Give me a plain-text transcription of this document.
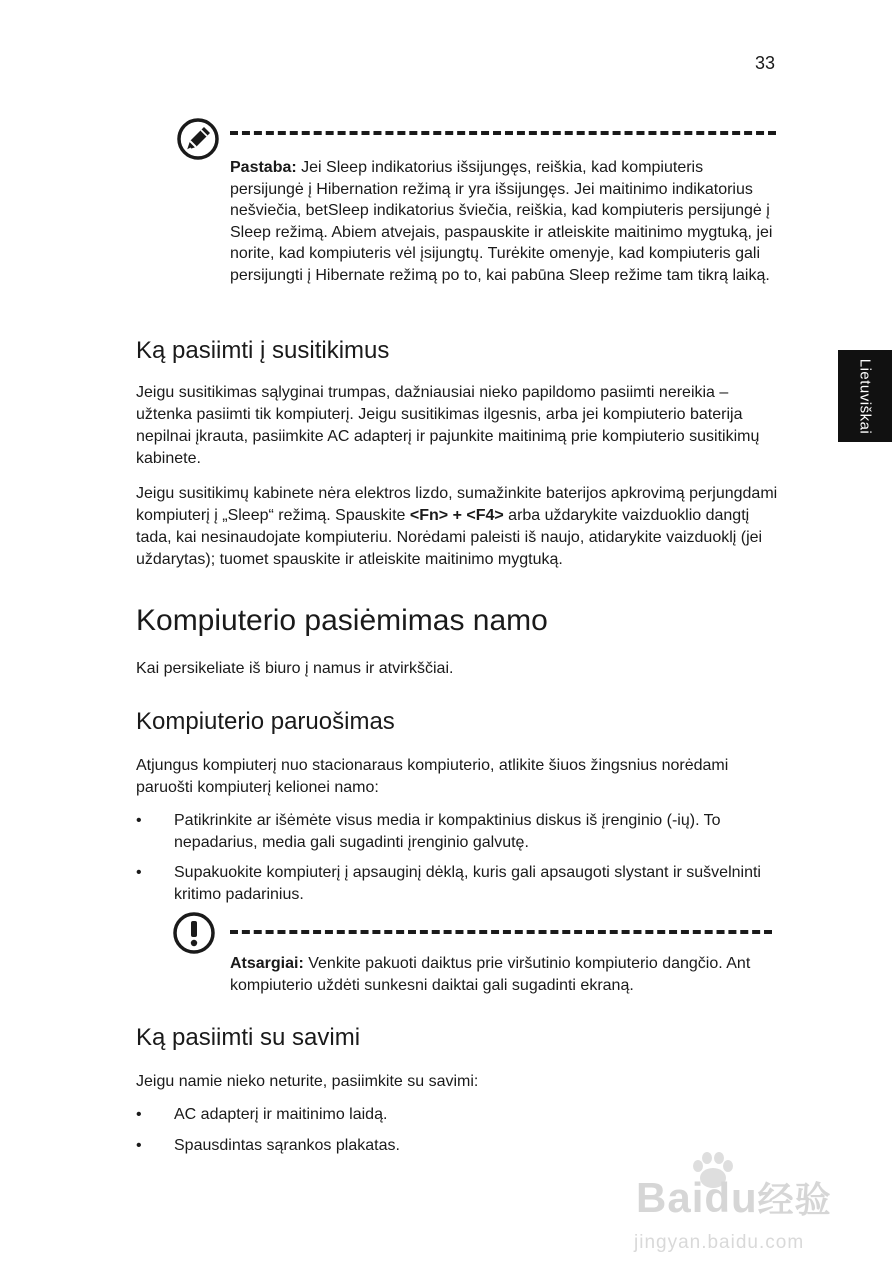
33
Lietuviškai
Pastaba: Jei Sleep indikatorius išsijungęs, reiškia, kad kompiuteris persijungė į Hibernation režimą ir yra išsijungęs. Jei maitinimo indikatorius nešviečia, betSleep indikatorius šviečia, reiškia, kad kompiuteris persijungė į Sleep režimą. Abiem atvejais, paspauskite ir atleiskite maitinimo mygtuką, jei norite, kad kompiuteris vėl įsijungtų. Turėkite omenyje, kad kompiuteris gali persijungti į Hibernate režimą po to, kai pabūna Sleep režime tam tikrą laiką.
Ką pasiimti į susitikimus

Jeigu susitikimas sąlyginai trumpas, dažniausiai nieko papildomo pasiimti nereikia – užtenka pasiimti tik kompiuterį. Jeigu susitikimas ilgesnis, arba jei kompiuterio baterija nepilnai įkrauta, pasiimkite AC adapterį ir pajunkite maitinimą prie kompiuterio susitikimų kabinete.

Jeigu susitikimų kabinete nėra elektros lizdo, sumažinkite baterijos apkrovimą perjungdami kompiuterį į „Sleep“ režimą. Spauskite <Fn> + <F4> arba uždarykite vaizduoklio dangtį tada, kai nesinaudojate kompiuteriu. Norėdami paleisti iš naujo, atidarykite vaizduoklį (jei uždarytas); tuomet spauskite ir atleiskite maitinimo mygtuką.

Kompiuterio pasiėmimas namo

Kai persikeliate iš biuro į namus ir atvirkščiai.

Kompiuterio paruošimas

Atjungus kompiuterį nuo stacionaraus kompiuterio, atlikite šiuos žingsnius norėdami paruošti kompiuterį kelionei namo:

• Patikrinkite ar išėmėte visus media ir kompaktinius diskus iš įrenginio (-ių). To nepadarius, media gali sugadinti įrenginio galvutę.
• Supakuokite kompiuterį į apsauginį dėklą, kuris gali apsaugoti slystant ir sušvelninti kritimo padarinius.
Atsargiai: Venkite pakuoti daiktus prie viršutinio kompiuterio dangčio. Ant kompiuterio uždėti sunkesni daiktai gali sugadinti ekraną.
Ką pasiimti su savimi

Jeigu namie nieko neturite, pasiimkite su savimi:

• AC adapterį ir maitinimo laidą.
• Spausdintas sąrankos plakatas.
Baidu经验
jingyan.baidu.com
